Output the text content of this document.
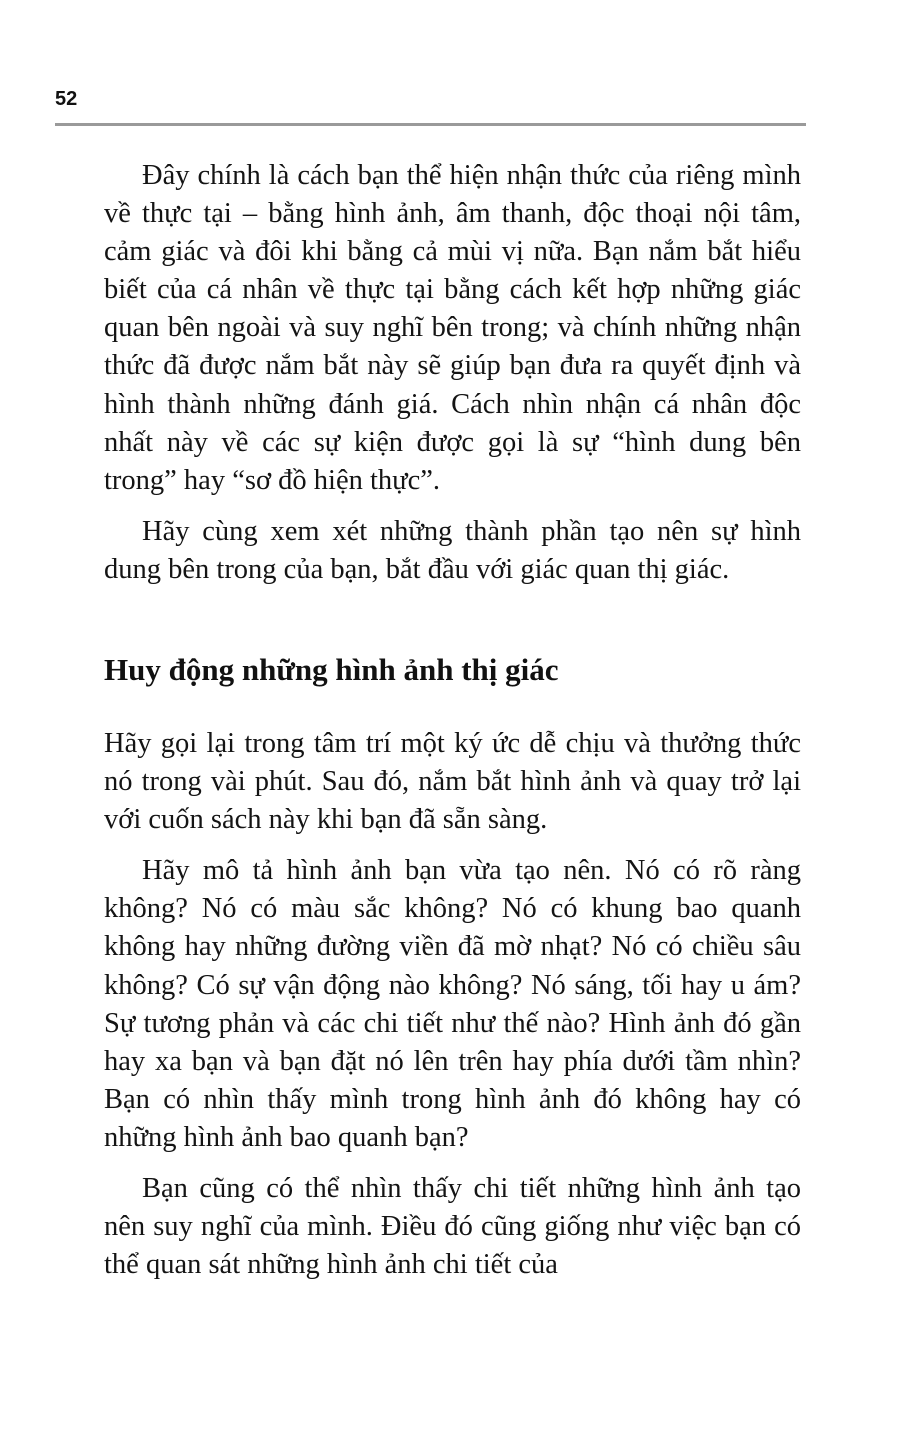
52

Đây chính là cách bạn thể hiện nhận thức của riêng mình về thực tại – bằng hình ảnh, âm thanh, độc thoại nội tâm, cảm giác và đôi khi bằng cả mùi vị nữa. Bạn nắm bắt hiểu biết của cá nhân về thực tại bằng cách kết hợp những giác quan bên ngoài và suy nghĩ bên trong; và chính những nhận thức đã được nắm bắt này sẽ giúp bạn đưa ra quyết định và hình thành những đánh giá. Cách nhìn nhận cá nhân độc nhất này về các sự kiện được gọi là sự “hình dung bên trong” hay “sơ đồ hiện thực”.

Hãy cùng xem xét những thành phần tạo nên sự hình dung bên trong của bạn, bắt đầu với giác quan thị giác.

Huy động những hình ảnh thị giác

Hãy gọi lại trong tâm trí một ký ức dễ chịu và thưởng thức nó trong vài phút. Sau đó, nắm bắt hình ảnh và quay trở lại với cuốn sách này khi bạn đã sẵn sàng.

Hãy mô tả hình ảnh bạn vừa tạo nên. Nó có rõ ràng không? Nó có màu sắc không? Nó có khung bao quanh không hay những đường viền đã mờ nhạt? Nó có chiều sâu không? Có sự vận động nào không? Nó sáng, tối hay u ám? Sự tương phản và các chi tiết như thế nào? Hình ảnh đó gần hay xa bạn và bạn đặt nó lên trên hay phía dưới tầm nhìn? Bạn có nhìn thấy mình trong hình ảnh đó không hay có những hình ảnh bao quanh bạn?

Bạn cũng có thể nhìn thấy chi tiết những hình ảnh tạo nên suy nghĩ của mình. Điều đó cũng giống như việc bạn có thể quan sát những hình ảnh chi tiết của
